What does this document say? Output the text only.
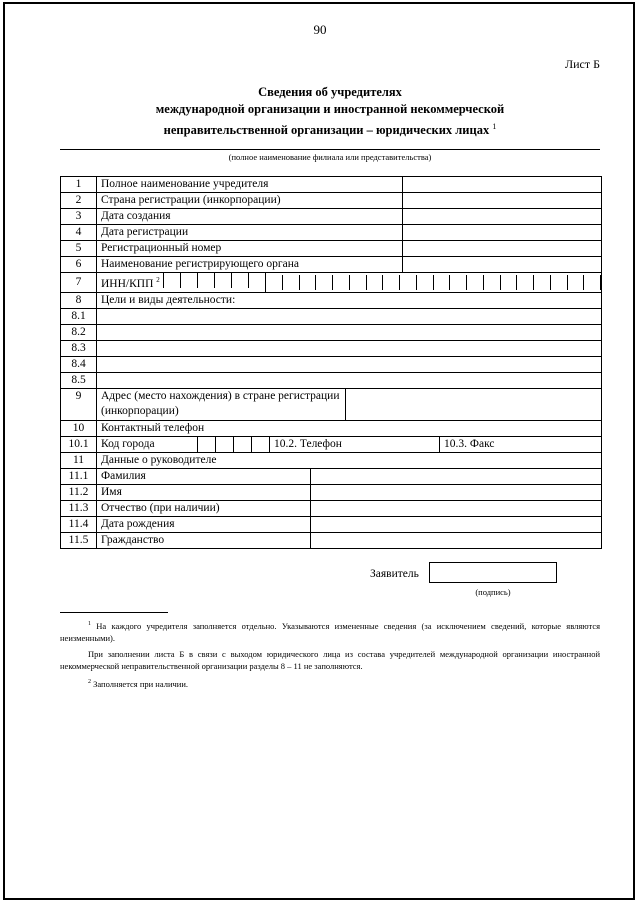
90
Лист Б
Сведения об учредителях
международной организации и иностранной некоммерческой
неправительственной организации – юридических лицах $^1$
(полное наименование филиала или представительства)
1	Полное наименование учредителя				
2	Страна регистрации (инкорпорации)				
3	Дата создания				
4	Дата регистрации				
5	Регистрационный номер				
6	Наименование регистрирующего органа				
7	ИНН/КПП $^2$

8	Цели и виды деятельности:				
8.1					
8.2					
8.3					
8.4					
8.5					
9	Адрес (место нахождения) в стране регистрации (инкорпорации)				
10	Контактный телефон				
10.1	Код города 10.2. Телефон 10.3. Факс				

11	Данные о руководителе				
11.1	Фамилия				
11.2	Имя				
11.3	Отчество (при наличии)				
11.4	Дата рождения				
11.5	Гражданство				
Заявитель
(подпись)

$^1$ На каждого учредителя заполняется отдельно. Указываются измененные сведения (за исключением сведений, которые являются неизменными).

При заполнении листа Б в связи с выходом юридического лица из состава учредителей международной организации иностранной некоммерческой неправительственной организации разделы 8 – 11 не заполняются.

$^2$ Заполняется при наличии.
